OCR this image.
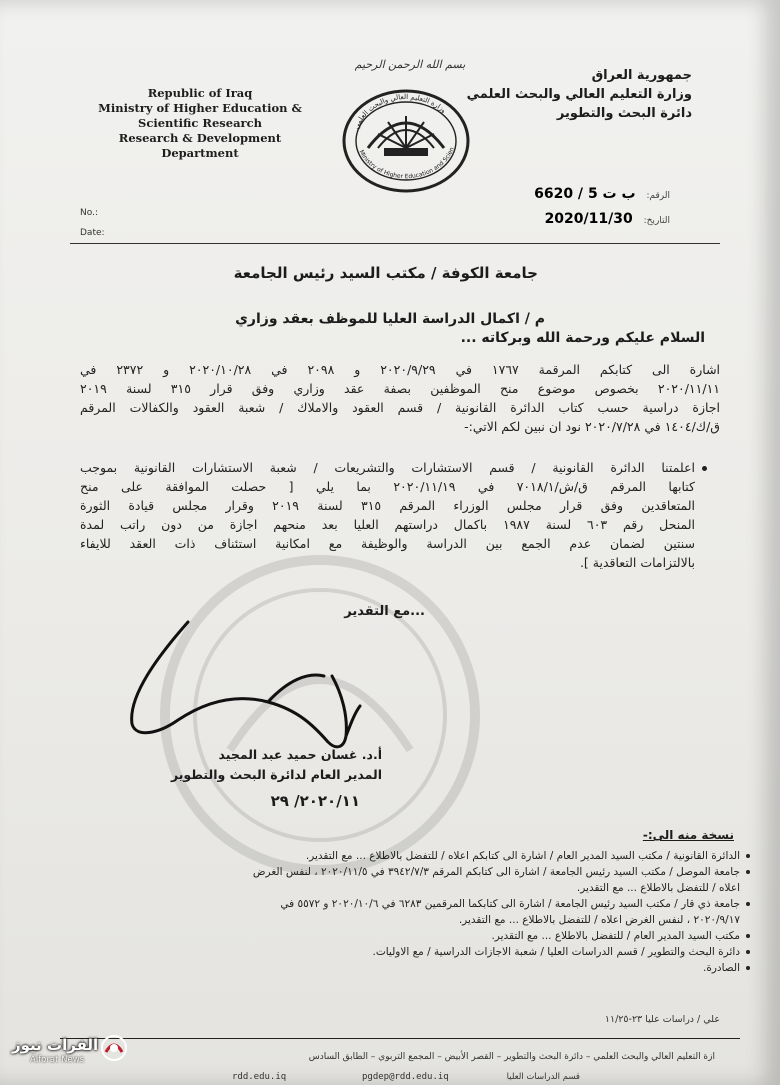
Republic of Iraq
Ministry of Higher Education &
Scientific Research
Research & Development
Department
جمهورية العراق
وزارة التعليم العالي والبحث العلمي
دائرة البحث والتطوير
بسم الله الرحمن الرحيم
وزارة التعليم العالي والبحث العلمي
Ministry of Higher Education and Scien
الرقم: ب ت 5 / 6620
التاريخ: 2020/11/30
No.:
Date:
جامعة الكوفة / مكتب السيد رئيس الجامعة
م / اكمال الدراسة العليا للموظف بعقد وزاري
السلام عليكم ورحمة الله وبركاته ...
اشارة الى كتابكم المرقمة ١٧٦٧ في ٢٠٢٠/٩/٢٩ و ٢٠٩٨ في ٢٠٢٠/١٠/٢٨ و ٢٣٧٢ في
٢٠٢٠/١١/١١ بخصوص موضوع منح الموظفين بصفة عقد وزاري وفق قرار ٣١٥ لسنة ٢٠١٩
اجازة دراسية حسب كتاب الدائرة القانونية / قسم العقود والاملاك / شعبة العقود والكفالات المرقم
ق/ك/١٤٠٤ في ٢٠٢٠/٧/٢٨ نود ان نبين لكم الاتي:-
اعلمتنا الدائرة القانونية / قسم الاستشارات والتشريعات / شعبة الاستشارات القانونية بموجب
كتابها المرقم ق/ش/٧٠١٨/١ في ٢٠٢٠/١١/١٩ بما يلي [ حصلت الموافقة على منح
المتعاقدين وفق قرار مجلس الوزراء المرقم ٣١٥ لسنة ٢٠١٩ وقرار مجلس قيادة الثورة
المنحل رقم ٦٠٣ لسنة ١٩٨٧ باكمال دراستهم العليا بعد منحهم اجازة من دون راتب لمدة
سنتين لضمان عدم الجمع بين الدراسة والوظيفة مع امكانية استئناف ذات العقد للايفاء
بالالتزامات التعاقدية ].
...مع التقدير
أ.د. غسان حميد عبد المجيد
المدير العام لدائرة البحث والتطوير
٢٠٢٠/١١/ ٢٩
نسخة منه الى:-
الدائرة القانونية / مكتب السيد المدير العام / اشارة الى كتابكم اعلاه / للتفضل بالاطلاع ... مع التقدير.
جامعة الموصل / مكتب السيد رئيس الجامعة / اشارة الى كتابكم المرقم ٣٩٤٢/٧/٣ في ٢٠٢٠/١١/٥ ، لنفس الغرض
اعلاه / للتفضل بالاطلاع ... مع التقدير.
جامعة ذي قار / مكتب السيد رئيس الجامعة / اشارة الى كتابكما المرقمين ٦٢٨٣ في ٢٠٢٠/١٠/٦ و ٥٥٧٢ في
٢٠٢٠/٩/١٧ ، لنفس الغرض اعلاه / للتفضل بالاطلاع ... مع التقدير.
مكتب السيد المدير العام / للتفضل بالاطلاع ... مع التقدير.
دائرة البحث والتطوير / قسم الدراسات العليا / شعبة الاجازات الدراسية / مع الاوليات.
الصادرة.
علي / دراسات عليا ٢٣-١١/٢٥
ازة التعليم العالي والبحث العلمي – دائرة البحث والتطوير – القصر الأبيض – المجمع التربوي – الطابق السادس
قسم الدراسات العليا
rdd.edu.iq	pgdep@rdd.edu.iq
الفرات نيوز
Alforat News
